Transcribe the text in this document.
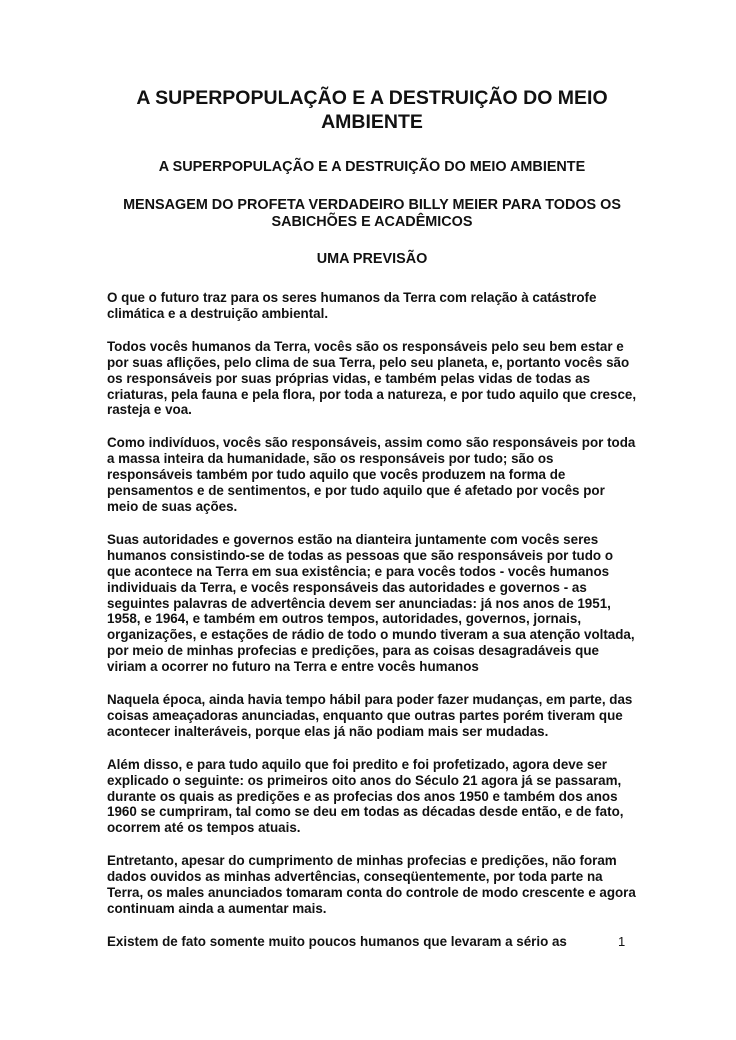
A SUPERPOPULAÇÃO E A DESTRUIÇÃO DO MEIO AMBIENTE
A SUPERPOPULAÇÃO E A DESTRUIÇÃO DO MEIO AMBIENTE
MENSAGEM DO PROFETA VERDADEIRO BILLY MEIER PARA TODOS OS SABICHÕES E ACADÊMICOS
UMA PREVISÃO

O que o futuro traz para os seres humanos da Terra com relação à catástrofe climática e a destruição ambiental.

Todos vocês humanos da Terra, vocês são os responsáveis pelo seu bem estar e por suas aflições, pelo clima de sua Terra, pelo seu planeta, e, portanto vocês são os responsáveis por suas próprias vidas, e também pelas vidas de todas as criaturas, pela fauna e pela flora, por toda a natureza, e por tudo aquilo que cresce, rasteja e voa.

Como indivíduos, vocês são responsáveis, assim como são responsáveis por toda a massa inteira da humanidade, são os responsáveis por tudo; são os responsáveis também por tudo aquilo que vocês produzem na forma de pensamentos e de sentimentos, e por tudo aquilo que é afetado por vocês por meio de suas ações.

Suas autoridades e governos estão na dianteira juntamente com vocês seres humanos consistindo-se de todas as pessoas que são responsáveis por tudo o que acontece na Terra em sua existência; e para vocês todos - vocês humanos individuais da Terra, e vocês responsáveis das autoridades e governos - as seguintes palavras de advertência devem ser anunciadas: já nos anos de 1951, 1958, e 1964, e também em outros tempos, autoridades, governos, jornais, organizações, e estações de rádio de todo o mundo tiveram a sua atenção voltada, por meio de minhas profecias e predições, para as coisas desagradáveis que viriam a ocorrer no futuro na Terra e entre vocês humanos

Naquela época, ainda havia tempo hábil para poder fazer mudanças, em parte, das coisas ameaçadoras anunciadas, enquanto que outras partes porém tiveram que acontecer inalteráveis, porque elas já não podiam mais ser mudadas.

Além disso, e para tudo aquilo que foi predito e foi profetizado, agora deve ser explicado o seguinte: os primeiros oito anos do Século 21 agora já se passaram, durante os quais as predições e as profecias dos anos 1950 e também dos anos 1960 se cumpriram, tal como se deu em todas as décadas desde então, e de fato, ocorrem até os tempos atuais.

Entretanto, apesar do cumprimento de minhas profecias e predições, não foram dados ouvidos as minhas advertências, conseqüentemente, por toda parte na Terra, os males anunciados tomaram conta do controle de modo crescente e agora continuam ainda a aumentar mais.

Existem de fato somente muito poucos humanos que levaram a sério as	1
